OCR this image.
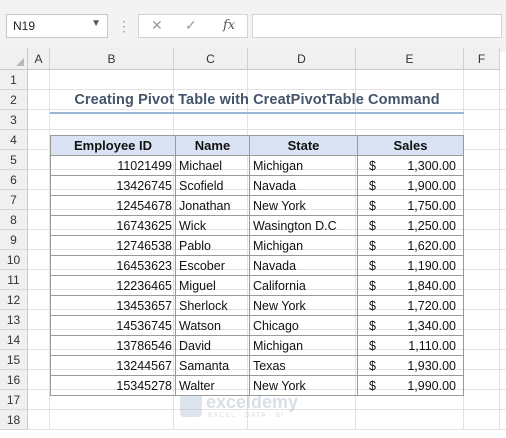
N19	▼ ⋮ ✕ ✓ fx
A	B	C	D	E	F
1
2
3
4
5
6
7
8
9
10
11
12
13
14
15
16
17
18
Creating Pivot Table with CreatPivotTable Command
Employee ID	Name	State	Sales
11021499	Michael	Michigan	$ 1,300.00

13426745	Scofield	Navada	$ 1,900.00

12454678	Jonathan	New York	$ 1,750.00

16743625	Wick	Wasington D.C	$ 1,250.00

12746538	Pablo	Michigan	$ 1,620.00

16453623	Escober	Navada	$ 1,190.00

12236465	Miguel	California	$ 1,840.00

13453657	Sherlock	New York	$ 1,720.00

14536745	Watson	Chicago	$ 1,340.00

13786546	David	Michigan	$ 1,110.00

13244567	Samanta	Texas	$ 1,930.00

15345278	Walter	New York	$ 1,990.00
exceldemy
EXCEL · DATA · BI
